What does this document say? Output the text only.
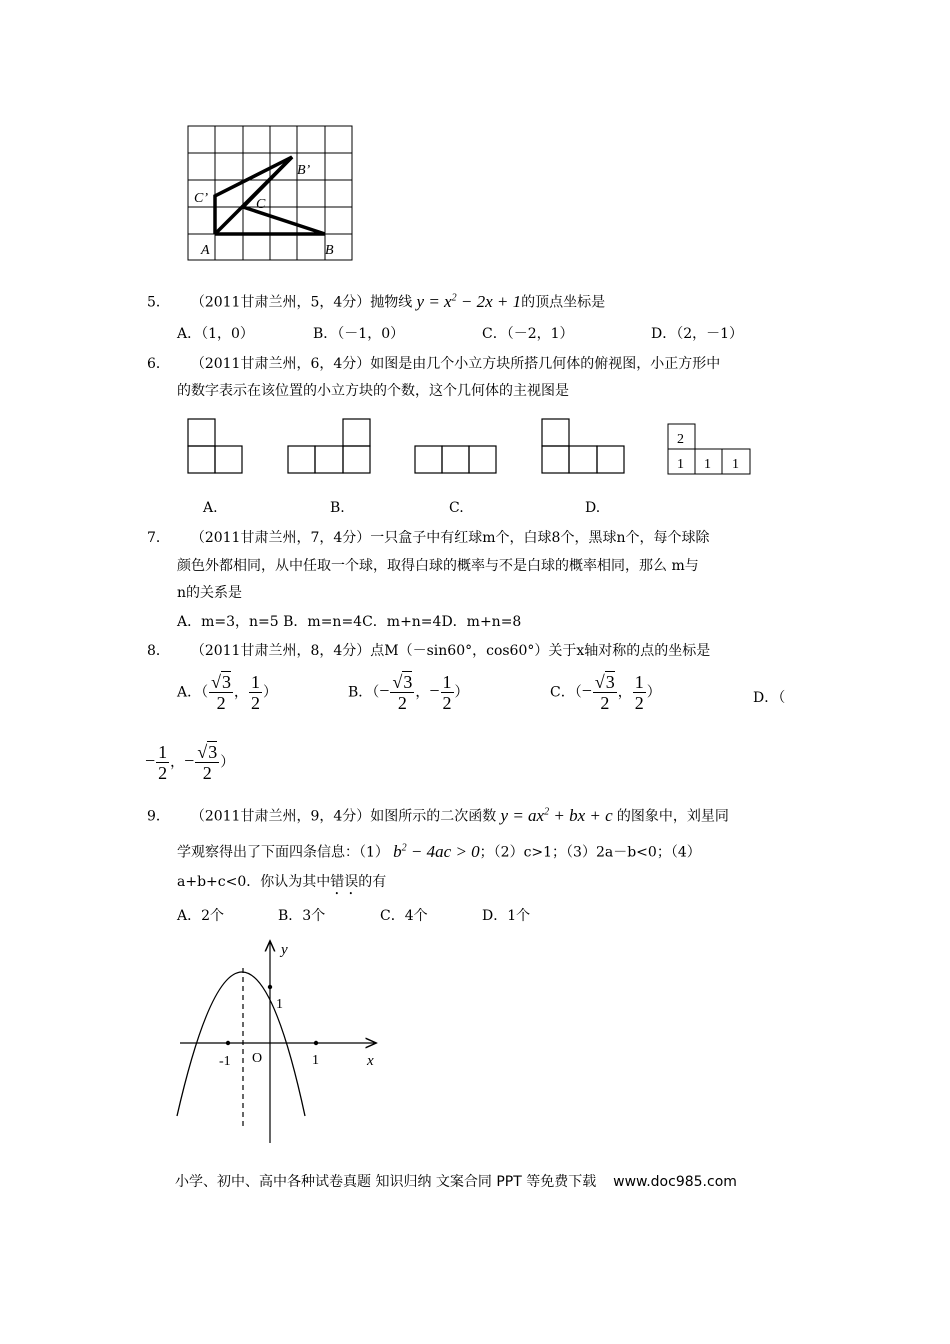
B’
C’	C
A	B
5． （2011甘肃兰州，5，4分）抛物线 $y = x^2 - 2x + 1$的顶点坐标是
A．（1，0）	B．（－1，0）	C．（－2，1）	D．（2，－1）
6． （2011甘肃兰州，6，4分）如图是由几个小立方块所搭几何体的俯视图，小正方形中
的数字表示在该位置的小立方块的个数，这个几何体的主视图是
2
1 1 1
A.	B.	C.	D.
7． （2011甘肃兰州，7，4分）一只盒子中有红球m个，白球8个，黑球n个，每个球除
颜色外都相同，从中任取一个球，取得白球的概率与不是白球的概率相同，那么 m与
n的关系是
A．m=3，n=5 B．m=n=4C．m+n=4D．m+n=8
8． （2011甘肃兰州，8，4分）点M（－sin60°，cos60°）关于x轴对称的点的坐标是
A．（ $\frac{√3}{2}$ ， $\frac{1}{2}$ ）	B．（− $\frac{√3}{2}$ ，− $\frac{1}{2}$ ）	C．（− $\frac{√3}{2}$ ， $\frac{1}{2}$ ）	D．（
− $\frac{1}{2}$ ，− $\frac{√3}{2}$ ）
9． （2011甘肃兰州，9，4分）如图所示的二次函数 $y = ax^2$ + bx + c 的图象中，刘星同
学观察得出了下面四条信息：（1） $b^2 - 4ac > 0$；（2）c>1；（3）2a－b<0；（4）
a+b+c<0．你认为其中错误的有
A．2个	B．3个	C．4个	D．1个
y
x
1
-1 O	1
小学、初中、高中各种试卷真题 知识归纳 文案合同 PPT 等免费下载 www.doc985.com
